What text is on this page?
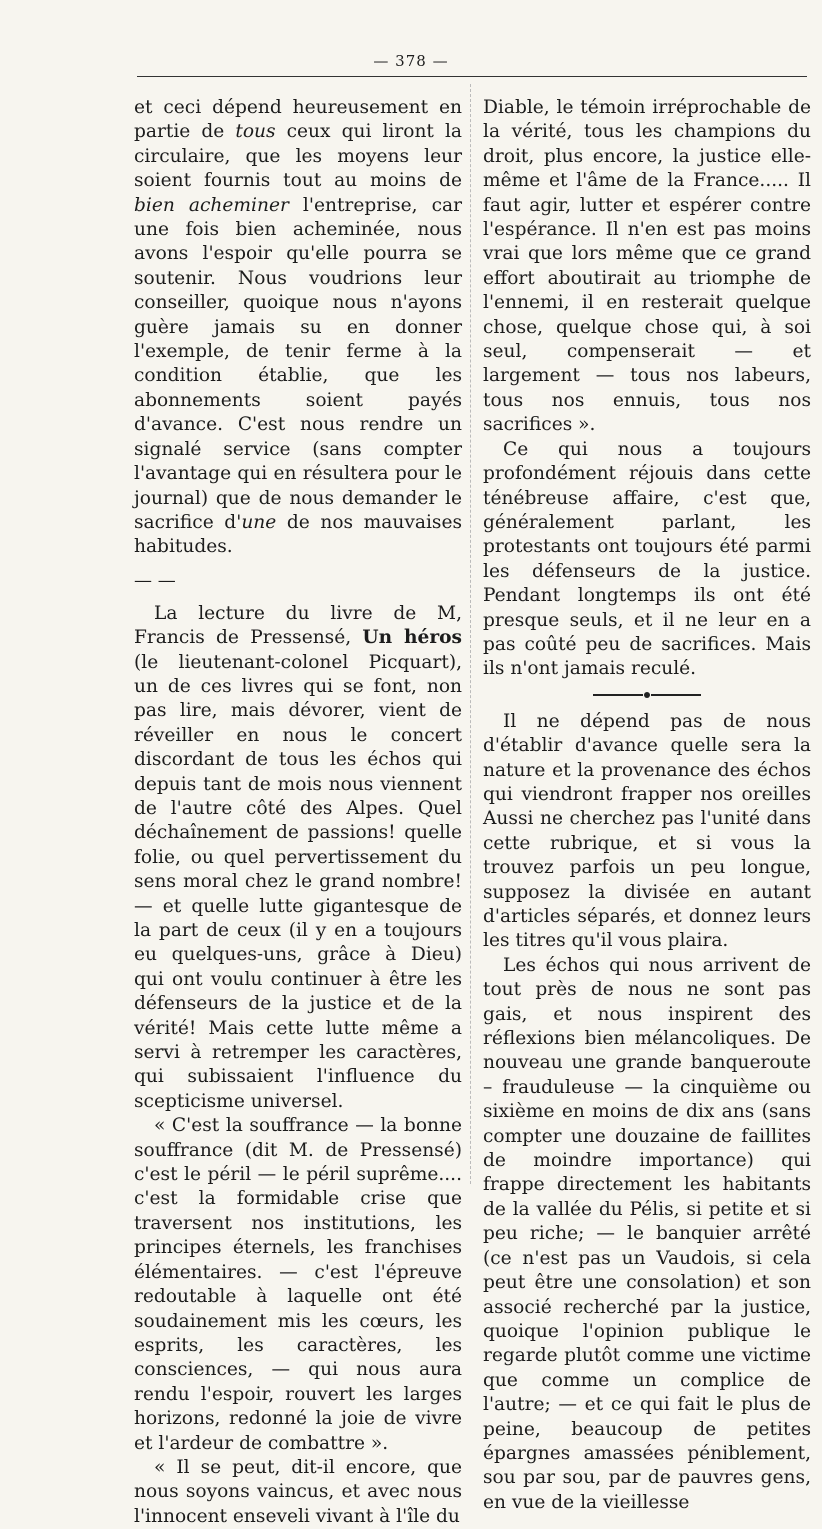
— 378 —

et ceci dépend heureusement en partie de tous ceux qui liront la circulaire, que les moyens leur soient fournis tout au moins de bien acheminer l'entreprise, car une fois bien acheminée, nous avons l'espoir qu'elle pourra se soutenir. Nous voudrions leur conseiller, quoique nous n'ayons guère jamais su en donner l'exemple, de tenir ferme à la condition établie, que les abonnements soient payés d'avance. C'est nous rendre un signalé service (sans compter l'avantage qui en résultera pour le journal) que de nous demander le sacrifice d'une de nos mauvaises habitudes.

— —

La lecture du livre de M, Francis de Pressensé, Un héros (le lieutenant-colonel Picquart), un de ces livres qui se font, non pas lire, mais dévorer, vient de réveiller en nous le concert discordant de tous les échos qui depuis tant de mois nous viennent de l'autre côté des Alpes. Quel déchaînement de passions! quelle folie, ou quel pervertissement du sens moral chez le grand nombre! — et quelle lutte gigantesque de la part de ceux (il y en a toujours eu quelques-uns, grâce à Dieu) qui ont voulu continuer à être les défenseurs de la justice et de la vérité! Mais cette lutte même a servi à retremper les caractères, qui subissaient l'influence du scepticisme universel.

« C'est la souffrance — la bonne souffrance (dit M. de Pressensé) c'est le péril — le péril suprême.... c'est la formidable crise que traversent nos institutions, les principes éternels, les franchises élémentaires. — c'est l'épreuve redoutable à laquelle ont été soudainement mis les cœurs, les esprits, les caractères, les consciences, — qui nous aura rendu l'espoir, rouvert les larges horizons, redonné la joie de vivre et l'ardeur de combattre ».

« Il se peut, dit-il encore, que nous soyons vaincus, et avec nous l'innocent enseveli vivant à l'île du

Diable, le témoin irréprochable de la vérité, tous les champions du droit, plus encore, la justice elle-même et l'âme de la France..... Il faut agir, lutter et espérer contre l'espérance. Il n'en est pas moins vrai que lors même que ce grand effort aboutirait au triomphe de l'ennemi, il en resterait quelque chose, quelque chose qui, à soi seul, compenserait — et largement — tous nos labeurs, tous nos ennuis, tous nos sacrifices ».

Ce qui nous a toujours profondément réjouis dans cette ténébreuse affaire, c'est que, généralement parlant, les protestants ont toujours été parmi les défenseurs de la justice. Pendant longtemps ils ont été presque seuls, et il ne leur en a pas coûté peu de sacrifices. Mais ils n'ont jamais reculé.

Il ne dépend pas de nous d'établir d'avance quelle sera la nature et la provenance des échos qui viendront frapper nos oreilles Aussi ne cherchez pas l'unité dans cette rubrique, et si vous la trouvez parfois un peu longue, supposez la divisée en autant d'articles séparés, et donnez leurs les titres qu'il vous plaira.

Les échos qui nous arrivent de tout près de nous ne sont pas gais, et nous inspirent des réflexions bien mélancoliques. De nouveau une grande banqueroute – frauduleuse — la cinquième ou sixième en moins de dix ans (sans compter une douzaine de faillites de moindre importance) qui frappe directement les habitants de la vallée du Pélis, si petite et si peu riche; — le banquier arrêté (ce n'est pas un Vaudois, si cela peut être une consolation) et son associé recherché par la justice, quoique l'opinion publique le regarde plutôt comme une victime que comme un complice de l'autre; — et ce qui fait le plus de peine, beaucoup de petites épargnes amassées péniblement, sou par sou, par de pauvres gens, en vue de la vieillesse
